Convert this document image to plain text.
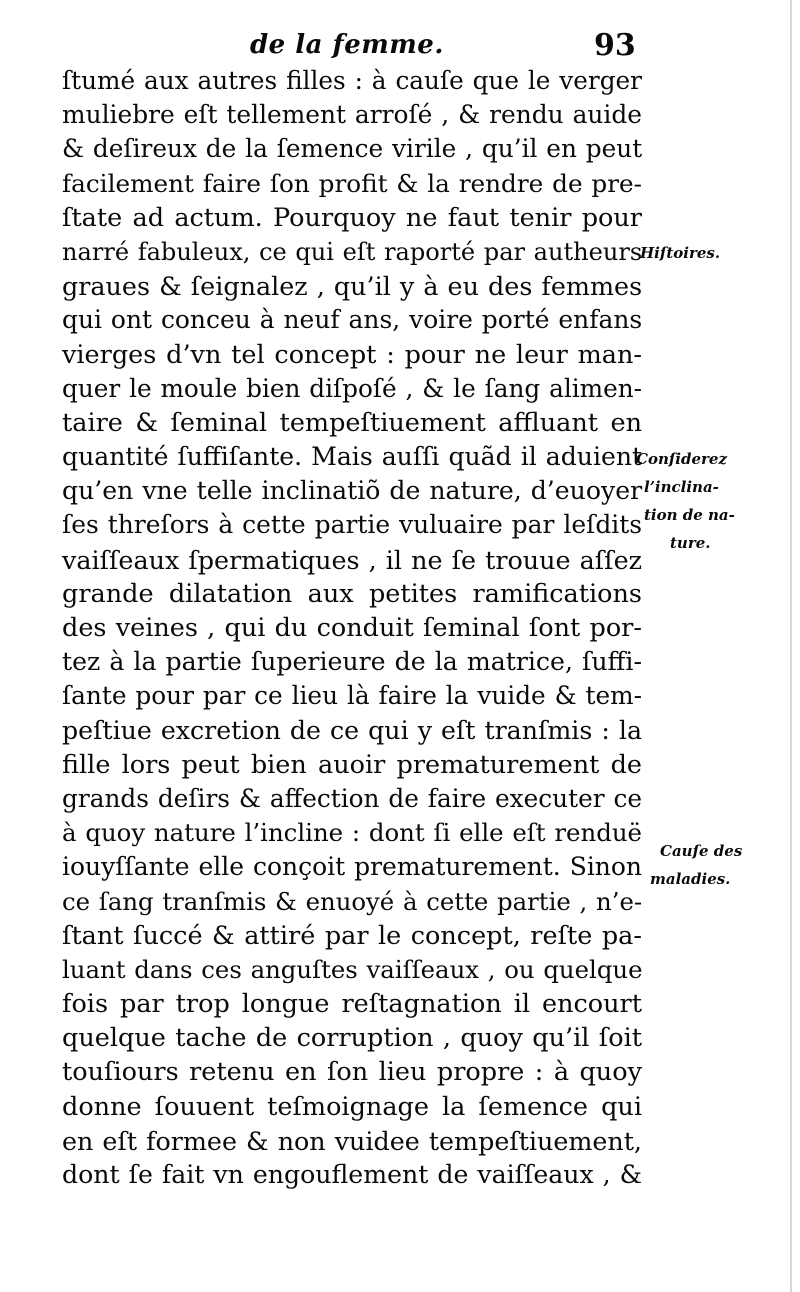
de la femme.	93
ſtumé aux autres filles : à cauſe que le verger
muliebre eſt tellement arroſé , & rendu auide
& deſireux de la ſemence virile , qu’il en peut
facilement faire ſon profit & la rendre de pre-
ſtate ad actum. Pourquoy ne faut tenir pour
narré fabuleux, ce qui eſt raporté par autheurs
graues & ſeignalez , qu’il y à eu des femmes
qui ont conceu à neuf ans, voire porté enfans
vierges d’vn tel concept : pour ne leur man-
quer le moule bien diſpoſé , & le ſang alimen-
taire & ſeminal tempeſtiuement affluant en
quantité ſuffiſante. Mais auſſi quãd il aduient
qu’en vne telle inclinatiõ de nature, d’euoyer
ſes threſors à cette partie vuluaire par leſdits
vaiſſeaux ſpermatiques , il ne ſe trouue aſſez
grande dilatation aux petites ramifications
des veines , qui du conduit ſeminal ſont por-
tez à la partie ſuperieure de la matrice, ſuffi-
ſante pour par ce lieu là faire la vuide & tem-
peſtiue excretion de ce qui y eſt tranſmis : la
fille lors peut bien auoir prematurement de
grands deſirs & affection de faire executer ce
à quoy nature l’incline : dont ſi elle eſt renduë
iouyſſante elle conçoit prematurement. Sinon
ce ſang tranſmis & enuoyé à cette partie , n’e-
ſtant ſuccé & attiré par le concept, reſte pa-
luant dans ces anguſtes vaiſſeaux , ou quelque
fois par trop longue reſtagnation il encourt
quelque tache de corruption , quoy qu’il ſoit
touſiours retenu en ſon lieu propre : à quoy
donne ſouuent teſmoignage la ſemence qui
en eſt formee & non vuidee tempeſtiuement,
dont ſe fait vn engouflement de vaiſſeaux , &
Hiſtoires.
Conſiderez
l’inclina-
tion de na-
ture.
Cauſe des
maladies.
